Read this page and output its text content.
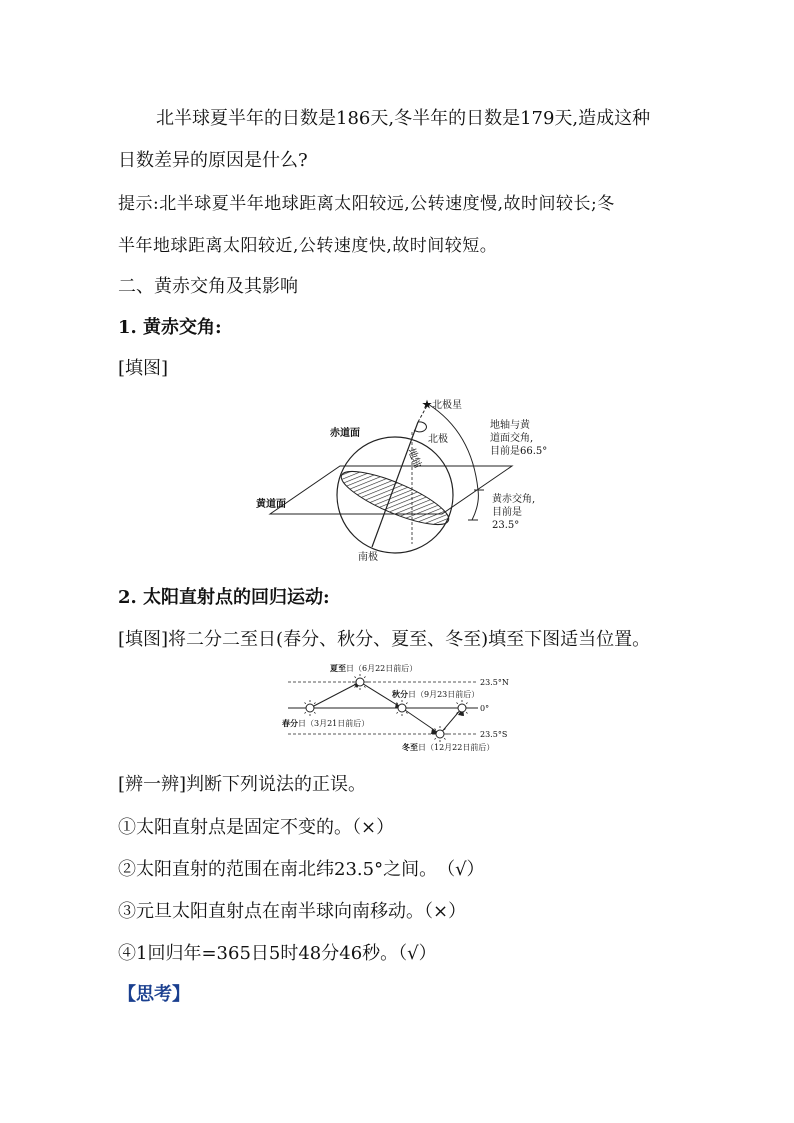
北半球夏半年的日数是186天,冬半年的日数是179天,造成这种
日数差异的原因是什么?
提示:北半球夏半年地球距离太阳较远,公转速度慢,故时间较长;冬
半年地球距离太阳较近,公转速度快,故时间较短。
二、黄赤交角及其影响
1. 黄赤交角:
[填图]
★北极星
赤道面
北极
地轴
地轴与黄
道面交角,
目前是66.5°
黄道面	黄赤交角,
目前是
23.5°
南极
2. 太阳直射点的回归运动:
[填图]将二分二至日(春分、秋分、夏至、冬至)填至下图适当位置。
夏至日（6月22日前后）
秋分日（9月23日前后）
春分日（3月21日前后）
冬至日（12月22日前后）
23.5°N
0°
23.5°S
[辨一辨]判断下列说法的正误。
①太阳直射点是固定不变的。（×）
②太阳直射的范围在南北纬23.5°之间。　（√）
③元旦太阳直射点在南半球向南移动。（×）
④1回归年=365日5时48分46秒。（√）
【思考】
